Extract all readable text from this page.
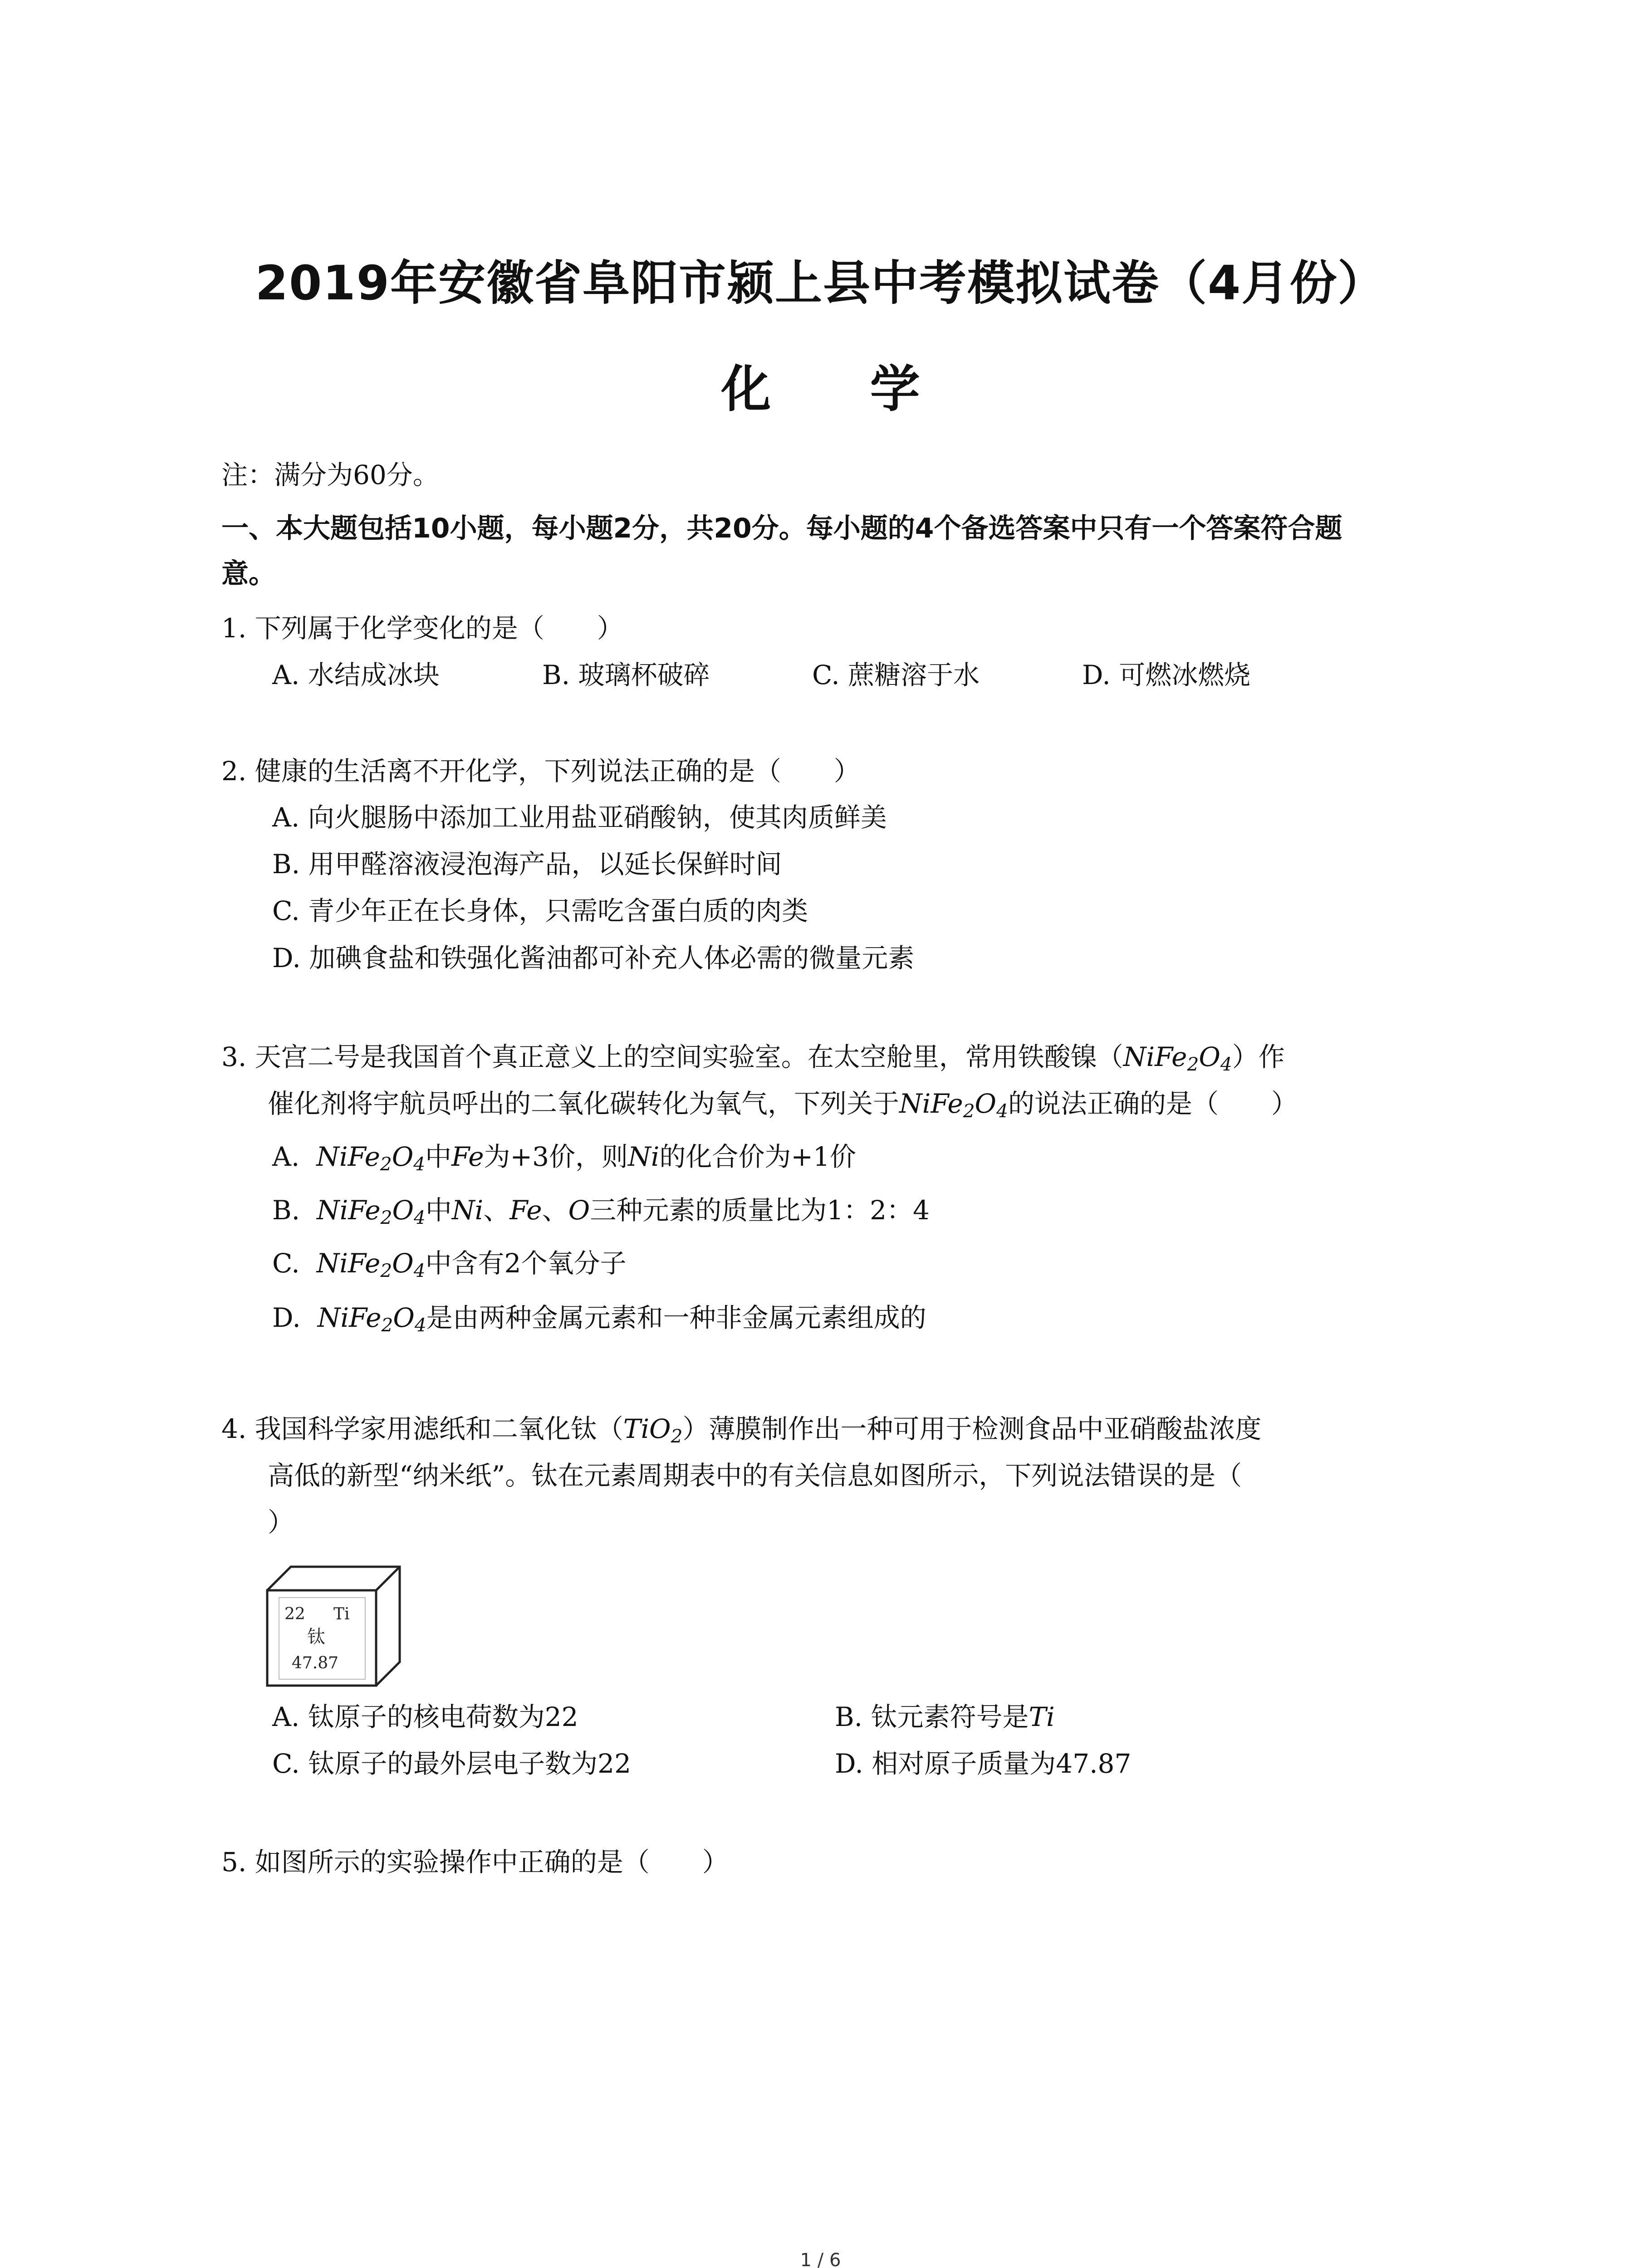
2019年安徽省阜阳市颍上县中考模拟试卷（4月份）
化 学
注：满分为60分。
一、本大题包括10小题，每小题2分，共20分。每小题的4个备选答案中只有一个答案符合题
意。
1. 下列属于化学变化的是（　　）
A. 水结成冰块	B. 玻璃杯破碎	C. 蔗糖溶于水	D. 可燃冰燃烧
2. 健康的生活离不开化学，下列说法正确的是（　　）
A. 向火腿肠中添加工业用盐亚硝酸钠，使其肉质鲜美
B. 用甲醛溶液浸泡海产品，以延长保鲜时间
C. 青少年正在长身体，只需吃含蛋白质的肉类
D. 加碘食盐和铁强化酱油都可补充人体必需的微量元素
3. 天宫二号是我国首个真正意义上的空间实验室。在太空舱里，常用铁酸镍$(NiFe_2O_4)$作
催化剂将宇航员呼出的二氧化碳转化为氧气，下列关于$NiFe_2O_4$的说法正确的是（　　）
A. $NiFe_2O_4$中Fe为+3价，则Ni的化合价为+1价
B. $NiFe_2O_4$中Ni、Fe、O三种元素的质量比为1：2：4
C. $NiFe_2O_4$中含有2个氧分子
D. $NiFe_2O_4$是由两种金属元素和一种非金属元素组成的
4. 我国科学家用滤纸和二氧化钛（TiO$_2$）薄膜制作出一种可用于检测食品中亚硝酸盐浓度
高低的新型“纳米纸”。钛在元素周期表中的有关信息如图所示，下列说法错误的是（
）
22 Ti
钛
47.87
A. 钛原子的核电荷数为22	B. 钛元素符号是Ti
C. 钛原子的最外层电子数为22	D. 相对原子质量为47.87
5. 如图所示的实验操作中正确的是（　　）
1 / 6
